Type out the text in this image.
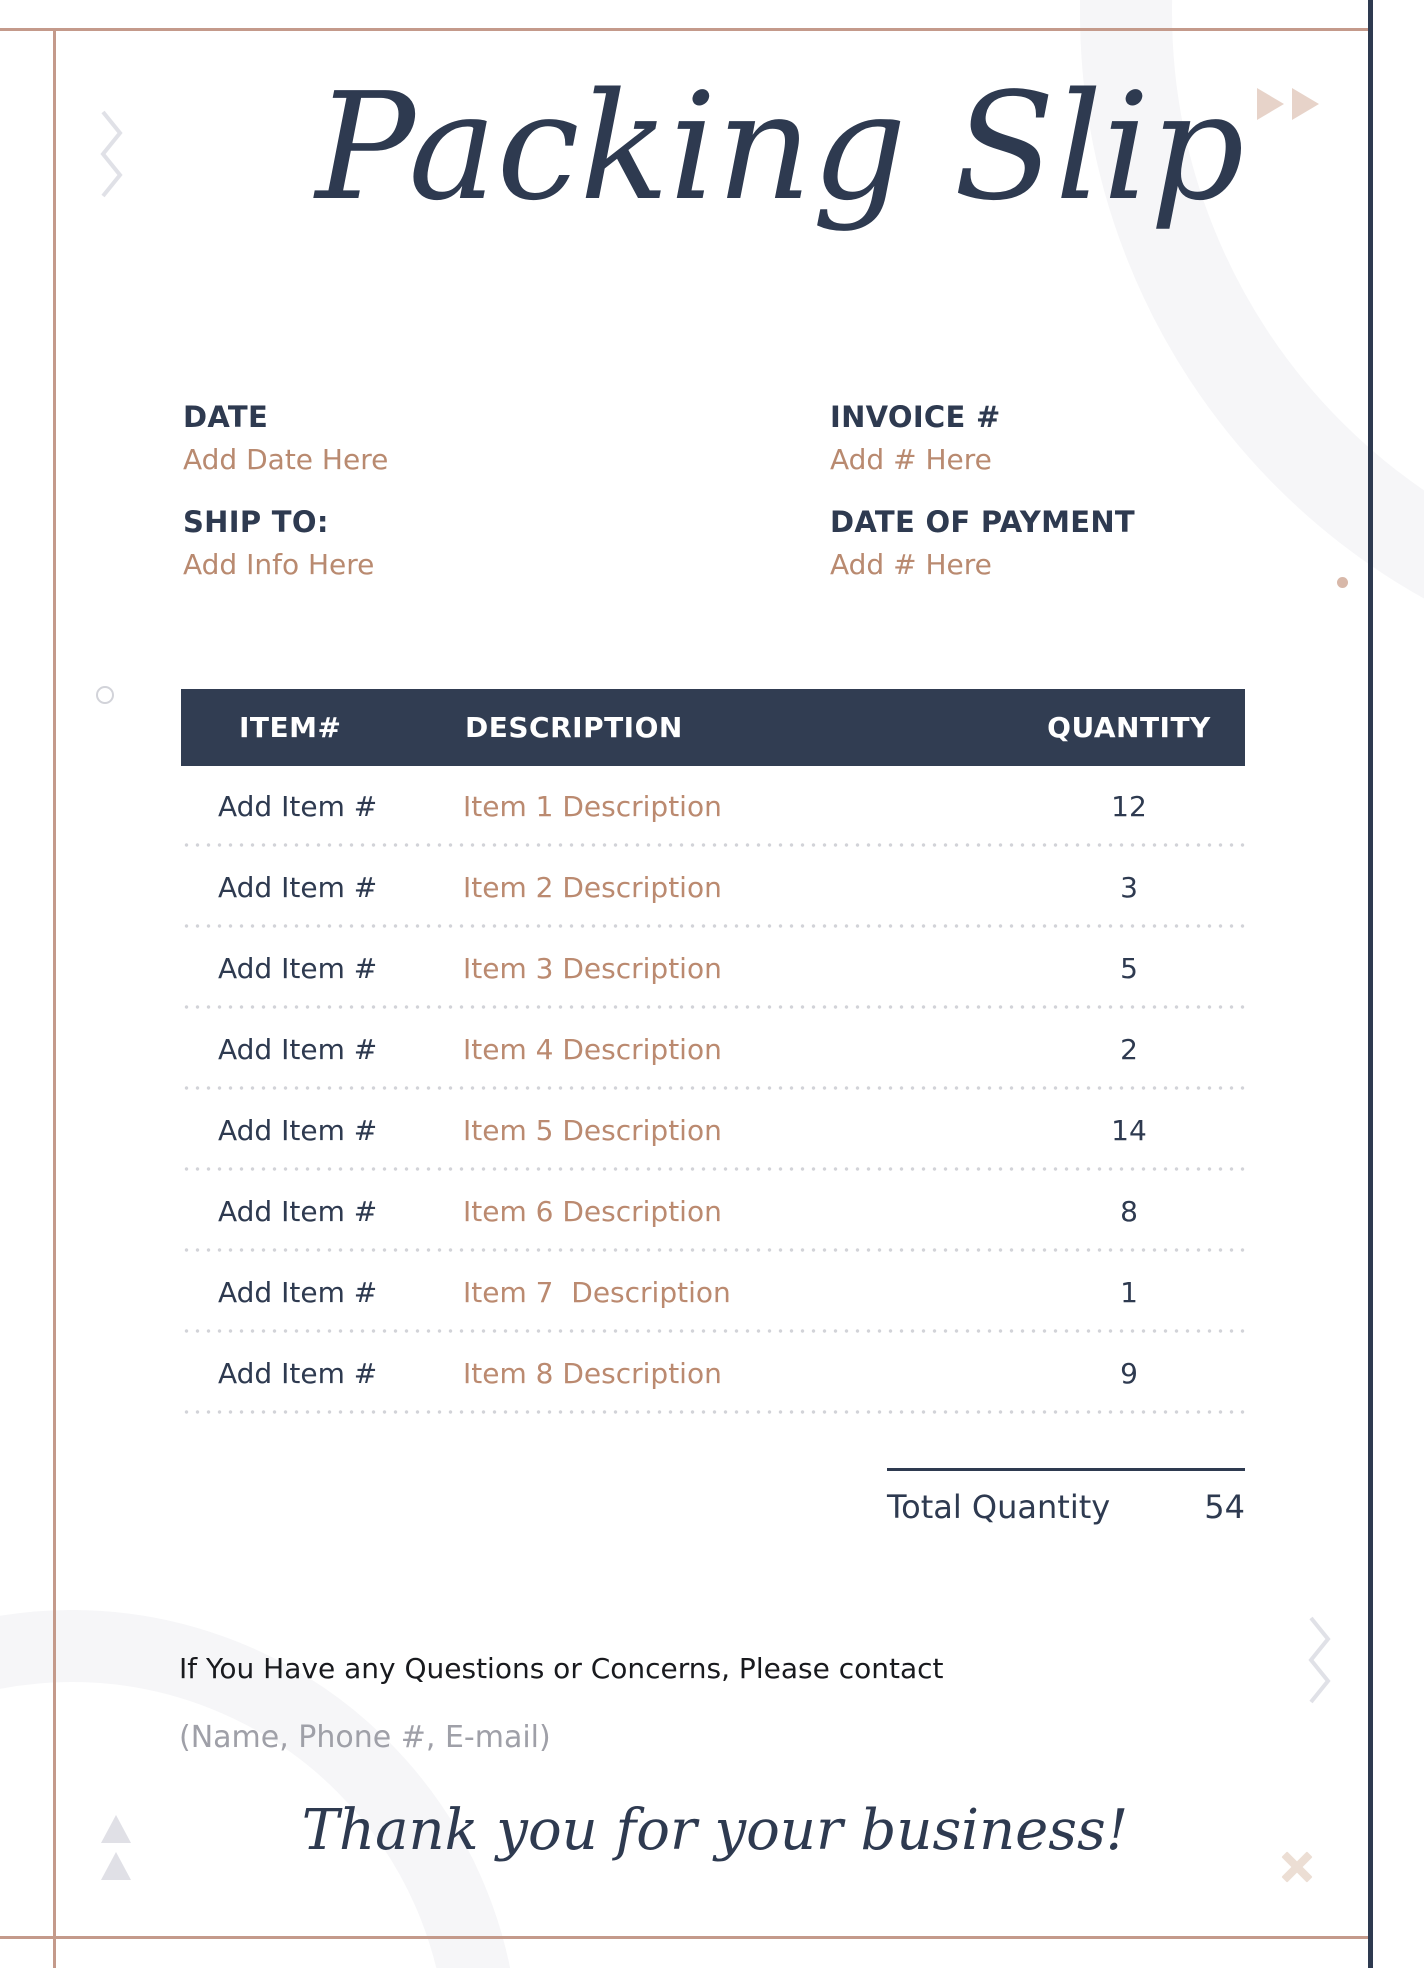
Packing Slip
DATE
Add Date Here
INVOICE #
Add # Here
SHIP TO:
Add Info Here
DATE OF PAYMENT
Add # Here
ITEM#	DESCRIPTION	QUANTITY
Add Item #	Item 1 Description	12
Add Item #	Item 2 Description	3
Add Item #	Item 3 Description	5
Add Item #	Item 4 Description	2
Add Item #	Item 5 Description	14
Add Item #	Item 6 Description	8
Add Item #	Item 7  Description	1
Add Item #	Item 8 Description	9
Total Quantity	54
If You Have any Questions or Concerns, Please contact
(Name, Phone #, E-mail)
Thank you for your business!
